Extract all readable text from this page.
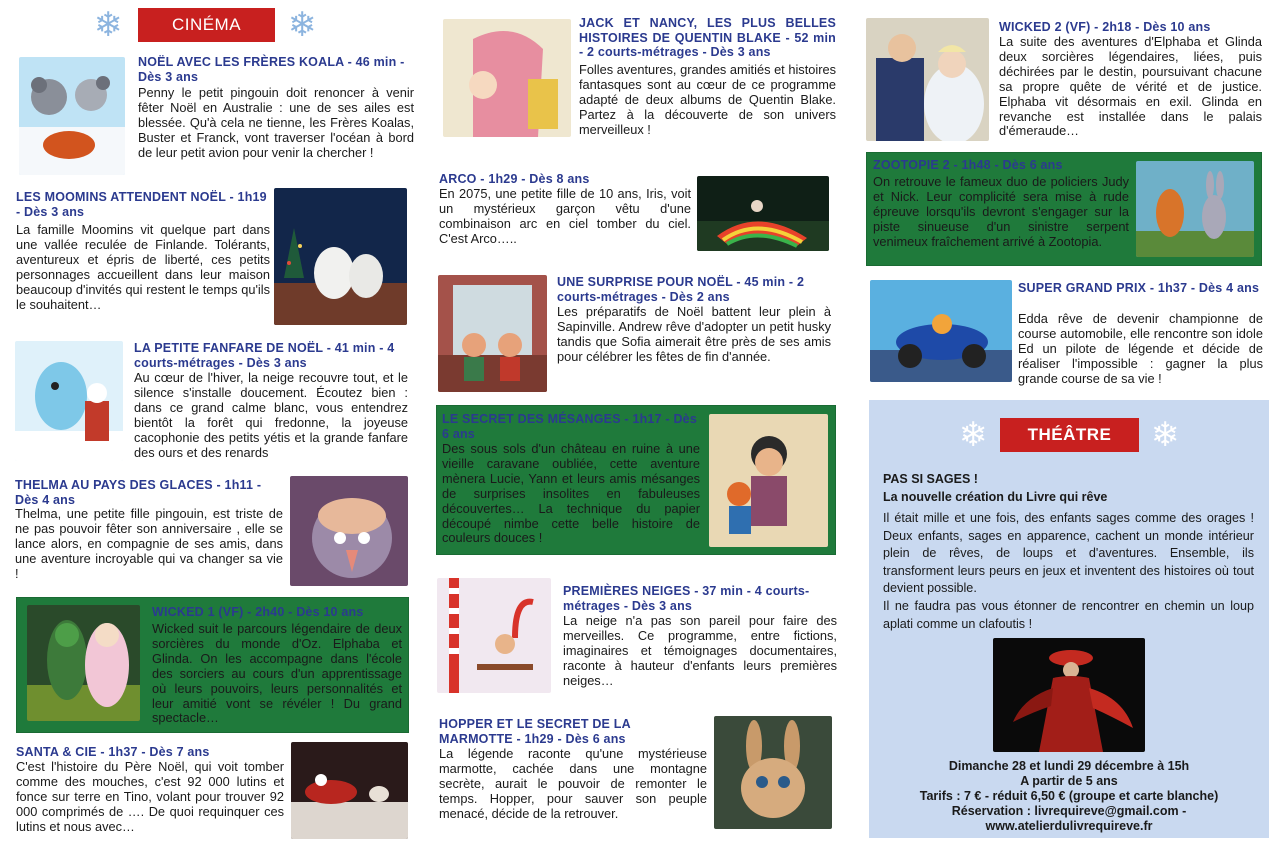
❄	CINÉMA	❄
NOËL AVEC LES FRÈRES KOALA - 46 min - Dès 3 ans
Penny le petit pingouin doit renoncer à venir fêter Noël en Australie : une de ses ailes est blessée. Qu'à cela ne tienne, les Frères Koalas, Buster et Franck, vont traverser l'océan à bord de leur petit avion pour venir la chercher !
LES MOOMINS ATTENDENT NOËL - 1h19 - Dès 3 ans
La famille Moomins vit quelque part dans une vallée reculée de Finlande. Tolérants, aventureux et épris de liberté, ces petits personnages accueillent dans leur maison beaucoup d'invités qui restent le temps qu'ils le souhaitent…
LA PETITE FANFARE DE NOËL - 41 min - 4 courts-métrages - Dès 3 ans
Au cœur de l'hiver, la neige recouvre tout, et le silence s'installe doucement. Écoutez bien : dans ce grand calme blanc, vous entendrez bientôt la forêt qui fredonne, la joyeuse cacophonie des petits yétis et la grande fanfare des ours et des renards
THELMA AU PAYS DES GLACES - 1h11 - Dès 4 ans
Thelma, une petite fille pingouin, est triste de ne pas pouvoir fêter son anniversaire , elle se lance alors, en compagnie de ses amis, dans une aventure incroyable qui va changer sa vie !
WICKED 1 (VF) - 2h40 - Dès 10 ans
Wicked suit le parcours légendaire de deux sorcières du monde d'Oz. Elphaba et Glinda. On les accompagne dans l'école des sorciers au cours d'un apprentissage où leurs pouvoirs, leurs personnalités et leur amitié vont se révéler ! Du grand spectacle…
SANTA & CIE - 1h37 - Dès 7 ans
C'est l'histoire du Père Noël, qui voit tomber comme des mouches, c'est 92 000 lutins et fonce sur terre en Tino, volant pour trouver 92 000 comprimés de …. De quoi requinquer ces lutins et nous avec…
JACK ET NANCY, LES PLUS BELLES HISTOIRES DE QUENTIN BLAKE - 52 min - 2 courts-métrages - Dès 3 ans
Folles aventures, grandes amitiés et histoires fantasques sont au cœur de ce programme adapté de deux albums de Quentin Blake. Partez à la découverte de son univers merveilleux !
ARCO - 1h29 - Dès 8 ans
En 2075, une petite fille de 10 ans, Iris, voit un mystérieux garçon vêtu d'une combinaison arc en ciel tomber du ciel. C'est Arco…..
UNE SURPRISE POUR NOËL - 45 min - 2 courts-métrages - Dès 2 ans
Les préparatifs de Noël battent leur plein à Sapinville. Andrew rêve d'adopter un petit husky tandis que Sofia aimerait être près de ses amis pour célébrer les fêtes de fin d'année.
LE SECRET DES MÉSANGES - 1h17 - Dès 6 ans
Des sous sols d'un château en ruine à une vieille caravane oubliée, cette aventure mènera Lucie, Yann et leurs amis mésanges de surprises insolites en fabuleuses découvertes… La technique du papier découpé nimbe cette belle histoire de couleurs douces !
PREMIÈRES NEIGES - 37 min - 4 courts-métrages - Dès 3 ans
La neige n'a pas son pareil pour faire des merveilles. Ce programme, entre fictions, imaginaires et témoignages documentaires, raconte à hauteur d'enfants leurs premières neiges…
HOPPER ET LE SECRET DE LA MARMOTTE - 1h29 - Dès 6 ans
La légende raconte qu'une mystérieuse marmotte, cachée dans une montagne secrète, aurait le pouvoir de remonter le temps. Hopper, pour sauver son peuple menacé, décide de la retrouver.
WICKED 2 (VF) - 2h18 - Dès 10 ans
La suite des aventures d'Elphaba et Glinda deux sorcières légendaires, liées, puis déchirées par le destin, poursuivant chacune sa propre quête de vérité et de justice. Elphaba vit désormais en exil. Glinda en revanche est installée dans le palais d'émeraude…
ZOOTOPIE 2 - 1h48 - Dès 6 ans
On retrouve le fameux duo de policiers Judy et Nick. Leur complicité sera mise à rude épreuve lorsqu'ils devront s'engager sur la piste sinueuse d'un sinistre serpent venimeux fraîchement arrivé à Zootopia.
SUPER GRAND PRIX - 1h37 - Dès 4 ans
Edda rêve de devenir championne de course automobile, elle rencontre son idole Ed un pilote de légende et décide de réaliser l'impossible : gagner la plus grande course de sa vie !
❄	THÉÂTRE	❄
PAS SI SAGES !
La nouvelle création du Livre qui rêve
Il était mille et une fois, des enfants sages comme des orages ! Deux enfants, sages en apparence, cachent un monde intérieur plein de rêves, de loups et d'aventures. Ensemble, ils transforment leurs peurs en jeux et inventent des histoires où tout devient possible.
Il ne faudra pas vous étonner de rencontrer en chemin un loup aplati comme un clafoutis !
Dimanche 28 et lundi 29 décembre à 15h
A partir de 5 ans
Tarifs : 7 € - réduit 6,50 € (groupe et carte blanche)
Réservation : livrequireve@gmail.com -
www.atelierdulivrequireve.fr
